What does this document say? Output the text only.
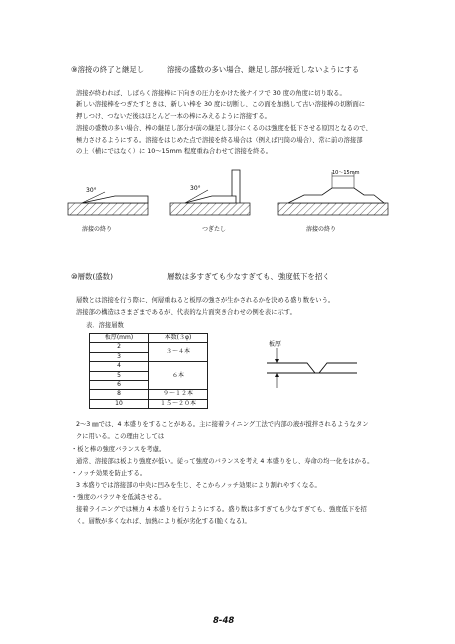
⑨溶接の終了と継足し	溶接の盛数の多い場合、継足し部が接近しないようにする
溶接が終われば、しばらく溶接棒に下向きの圧力をかけた後ナイフで 30 度の角度に切り取る。
新しい溶接棒をつぎたすときは、新しい棒を 30 度に切断し、この面を加熱して古い溶接棒の切断面に
押しつけ、つないだ後はほとんど一本の棒にみえるように溶接する。
溶接の盛数の多い場合、棒の継足し部分が前の継足し部分にくるのは強度を低下させる原因となるので、
極力さけるようにする。溶接をはじめた点で溶接を終る場合は（例えば円筒の場合）、常に前の溶接部
の上（横にではなく）に 10～15mm 程度重ね合わせて溶接を終る。
30°	30°
10～15mm
溶接の終り	つぎたし	溶接の終り
⑩層数(盛数)	層数は多すぎても少なすぎても、強度低下を招く
層数とは溶接を行う際に、何層重ねると板厚の強さが生かされるかを決める盛り数をいう。
溶接部の構造はさまざまであるが、代表的な片面突き合わせの例を表に示す。
表．溶接層数
板厚(mm)	本数(３φ)
2	３～４本
3	
4	６本
5	
6	
8	９～１２本
10	１５～２０本
板厚
2～3 ㎜では、4 本盛りをすることがある。主に接着ライニング工法で内部の液が撹拌されるようなタン
クに用いる。この理由としては
・板と棒の強度バランスを考慮。
通常、溶接部は板より強度が低い。従って強度のバランスを考え 4 本盛りをし、寿命の均一化をはかる。
・ノッチ効果を防止する。
3 本盛りでは溶接部の中央に凹みを生じ、そこからノッチ効果により割れやすくなる。
・強度のバラツキを低減させる。
接着ライニングでは極力 4 本盛りを行うようにする。盛り数は多すぎても少なすぎても、強度低下を招
く。層数が多くなれば、加熱により板が劣化する(脆くなる)。
8-48
